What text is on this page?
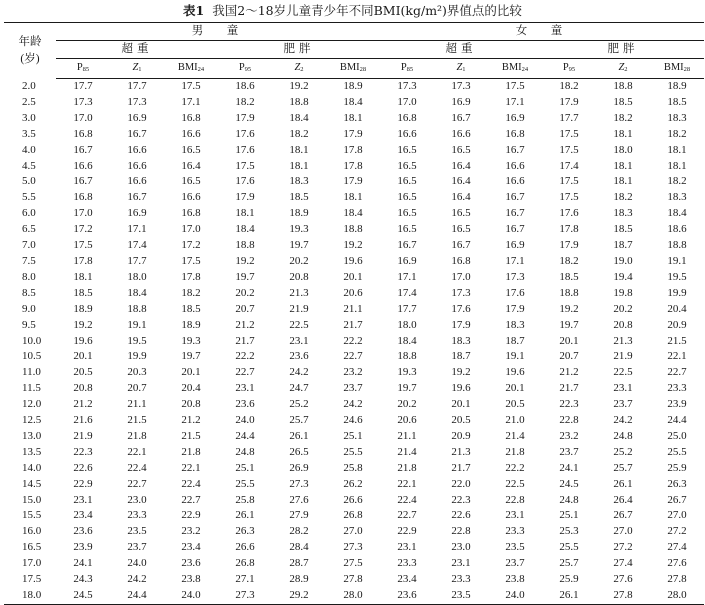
表1 我国2～18岁儿童青少年不同BMI(kg/m²)界值点的比较
年龄
(岁)	男　童						女　童					
	超重			肥胖			超重			肥胖		
	$P_{85}$	$Z_1$	$BMI_{24}$	$P_{95}$	$Z_2$	$BMI_{28}$	$P_{85}$	$Z_1$	$BMI_{24}$	$P_{95}$	$Z_2$	$BMI_{28}$
2.0	17.7	17.7	17.5	18.6	19.2	18.9	17.3	17.3	17.5	18.2	18.8	18.9
2.5	17.3	17.3	17.1	18.2	18.8	18.4	17.0	16.9	17.1	17.9	18.5	18.5
3.0	17.0	16.9	16.8	17.9	18.4	18.1	16.8	16.7	16.9	17.7	18.2	18.3
3.5	16.8	16.7	16.6	17.6	18.2	17.9	16.6	16.6	16.8	17.5	18.1	18.2
4.0	16.7	16.6	16.5	17.6	18.1	17.8	16.5	16.5	16.7	17.5	18.0	18.1
4.5	16.6	16.6	16.4	17.5	18.1	17.8	16.5	16.4	16.6	17.4	18.1	18.1
5.0	16.7	16.6	16.5	17.6	18.3	17.9	16.5	16.4	16.6	17.5	18.1	18.2
5.5	16.8	16.7	16.6	17.9	18.5	18.1	16.5	16.4	16.7	17.5	18.2	18.3
6.0	17.0	16.9	16.8	18.1	18.9	18.4	16.5	16.5	16.7	17.6	18.3	18.4
6.5	17.2	17.1	17.0	18.4	19.3	18.8	16.5	16.5	16.7	17.8	18.5	18.6
7.0	17.5	17.4	17.2	18.8	19.7	19.2	16.7	16.7	16.9	17.9	18.7	18.8
7.5	17.8	17.7	17.5	19.2	20.2	19.6	16.9	16.8	17.1	18.2	19.0	19.1
8.0	18.1	18.0	17.8	19.7	20.8	20.1	17.1	17.0	17.3	18.5	19.4	19.5
8.5	18.5	18.4	18.2	20.2	21.3	20.6	17.4	17.3	17.6	18.8	19.8	19.9
9.0	18.9	18.8	18.5	20.7	21.9	21.1	17.7	17.6	17.9	19.2	20.2	20.4
9.5	19.2	19.1	18.9	21.2	22.5	21.7	18.0	17.9	18.3	19.7	20.8	20.9
10.0	19.6	19.5	19.3	21.7	23.1	22.2	18.4	18.3	18.7	20.1	21.3	21.5
10.5	20.1	19.9	19.7	22.2	23.6	22.7	18.8	18.7	19.1	20.7	21.9	22.1
11.0	20.5	20.3	20.1	22.7	24.2	23.2	19.3	19.2	19.6	21.2	22.5	22.7
11.5	20.8	20.7	20.4	23.1	24.7	23.7	19.7	19.6	20.1	21.7	23.1	23.3
12.0	21.2	21.1	20.8	23.6	25.2	24.2	20.2	20.1	20.5	22.3	23.7	23.9
12.5	21.6	21.5	21.2	24.0	25.7	24.6	20.6	20.5	21.0	22.8	24.2	24.4
13.0	21.9	21.8	21.5	24.4	26.1	25.1	21.1	20.9	21.4	23.2	24.8	25.0
13.5	22.3	22.1	21.8	24.8	26.5	25.5	21.4	21.3	21.8	23.7	25.2	25.5
14.0	22.6	22.4	22.1	25.1	26.9	25.8	21.8	21.7	22.2	24.1	25.7	25.9
14.5	22.9	22.7	22.4	25.5	27.3	26.2	22.1	22.0	22.5	24.5	26.1	26.3
15.0	23.1	23.0	22.7	25.8	27.6	26.6	22.4	22.3	22.8	24.8	26.4	26.7
15.5	23.4	23.3	22.9	26.1	27.9	26.8	22.7	22.6	23.1	25.1	26.7	27.0
16.0	23.6	23.5	23.2	26.3	28.2	27.0	22.9	22.8	23.3	25.3	27.0	27.2
16.5	23.9	23.7	23.4	26.6	28.4	27.3	23.1	23.0	23.5	25.5	27.2	27.4
17.0	24.1	24.0	23.6	26.8	28.7	27.5	23.3	23.1	23.7	25.7	27.4	27.6
17.5	24.3	24.2	23.8	27.1	28.9	27.8	23.4	23.3	23.8	25.9	27.6	27.8
18.0	24.5	24.4	24.0	27.3	29.2	28.0	23.6	23.5	24.0	26.1	27.8	28.0
